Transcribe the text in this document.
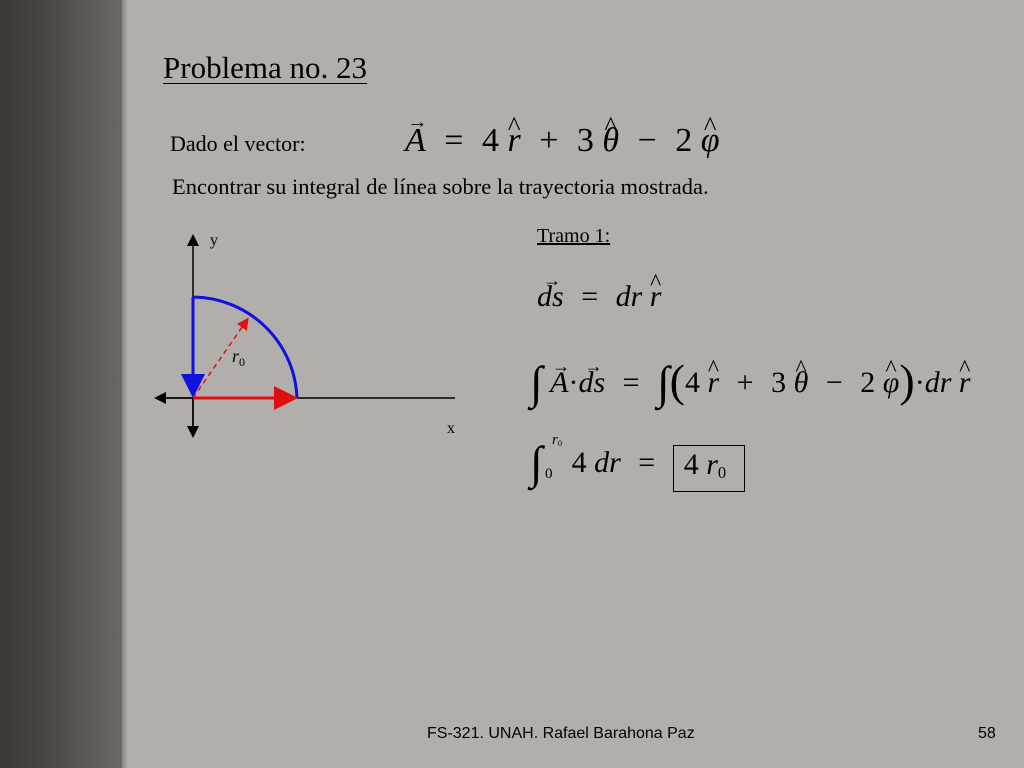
Problema no. 23
Dado el vector:	→ A = 4 ^ r + 3 ^ θ − 2 ^ φ
Encontrar su integral de línea sobre la trayectoria mostrada.
Tramo 1:
→ ds = dr ^ r
∫ → A·→ ds = ∫(4 ^ r + 3 ^ θ − 2 ^ φ)·dr ^ r
∫ 4 dr = 4 $r_0$
$r_0$
0
y
x
$r_0$
FS-321. UNAH. Rafael Barahona Paz	58
